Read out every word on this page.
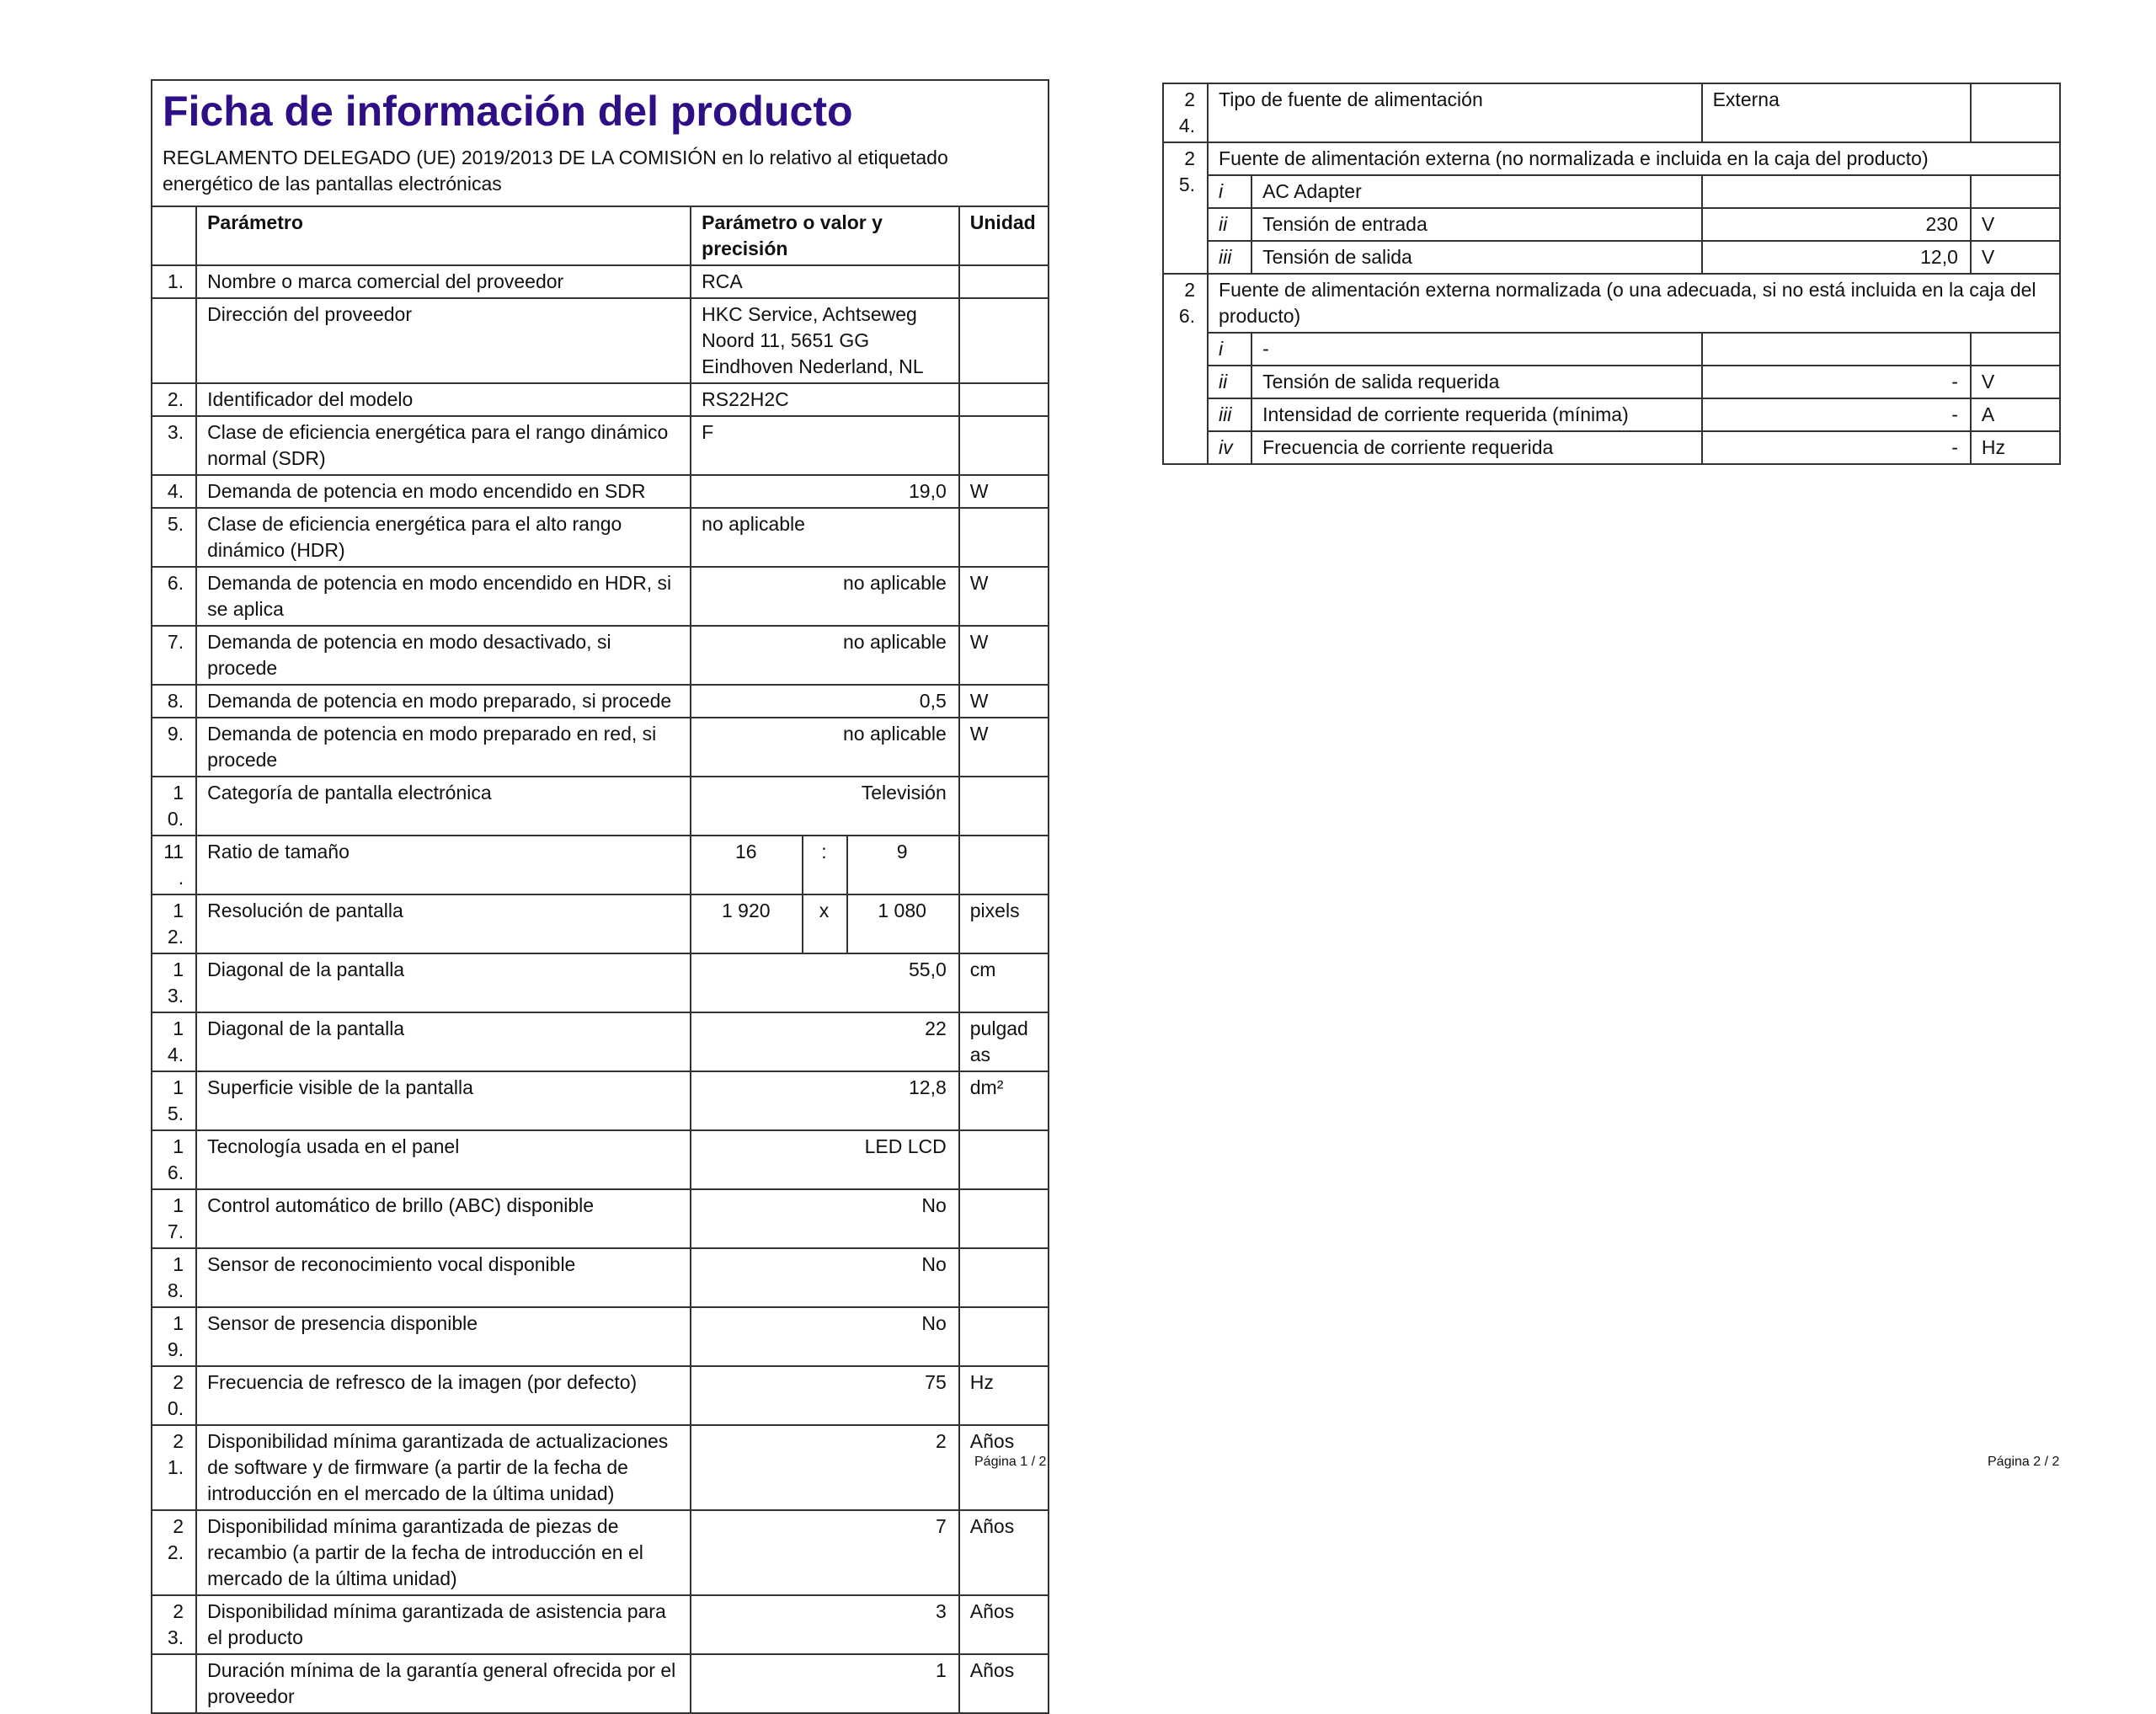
Ficha de información del producto
REGLAMENTO DELEGADO (UE) 2019/2013 DE LA COMISIÓN en lo relativo al etiquetado energético de las pantallas electrónicas
	Parámetro	Parámetro o valor y precisión			Unidad
1.	Nombre o marca comercial del proveedor	RCA			
	Dirección del proveedor	HKC Service, Achtseweg Noord 11, 5651 GG Eindhoven Nederland, NL			
2.	Identificador del modelo	RS22H2C			
3.	Clase de eficiencia energética para el rango dinámico normal (SDR)	F			
4.	Demanda de potencia en modo encendido en SDR	19,0			W
5.	Clase de eficiencia energética para el alto rango dinámico (HDR)	no aplicable			
6.	Demanda de potencia en modo encendido en HDR, si se aplica	no aplicable			W
7.	Demanda de potencia en modo desactivado, si procede	no aplicable			W
8.	Demanda de potencia en modo preparado, si procede	0,5			W
9.	Demanda de potencia en modo preparado en red, si procede	no aplicable			W
10.	Categoría de pantalla electrónica	Televisión			
11.	Ratio de tamaño	16	:	9	
12.	Resolución de pantalla	1 920	x	1 080	pixels
13.	Diagonal de la pantalla	55,0			cm
14.	Diagonal de la pantalla	22			pulgadas
15.	Superficie visible de la pantalla	12,8			dm²
16.	Tecnología usada en el panel	LED LCD			
17.	Control automático de brillo (ABC) disponible	No			
18.	Sensor de reconocimiento vocal disponible	No			
19.	Sensor de presencia disponible	No			
20.	Frecuencia de refresco de la imagen (por defecto)	75			Hz
21.	Disponibilidad mínima garantizada de actualizaciones de software y de firmware (a partir de la fecha de introducción en el mercado de la última unidad)	2			Años
22.	Disponibilidad mínima garantizada de piezas de recambio (a partir de la fecha de introducción en el mercado de la última unidad)	7			Años
23.	Disponibilidad mínima garantizada de asistencia para el producto	3			Años
	Duración mínima de la garantía general ofrecida por el proveedor	1			Años
24.	Tipo de fuente de alimentación		Externa	
25.	Fuente de alimentación externa (no normalizada e incluida en la caja del producto)			
	i	AC Adapter		
	ii	Tensión de entrada	230	V
	iii	Tensión de salida	12,0	V
26.	Fuente de alimentación externa normalizada (o una adecuada, si no está incluida en la caja del producto)			
	i	-		
	ii	Tensión de salida requerida	-	V
	iii	Intensidad de corriente requerida (mínima)	-	A
	iv	Frecuencia de corriente requerida	-	Hz
Página 1 / 2	Página 2 / 2
